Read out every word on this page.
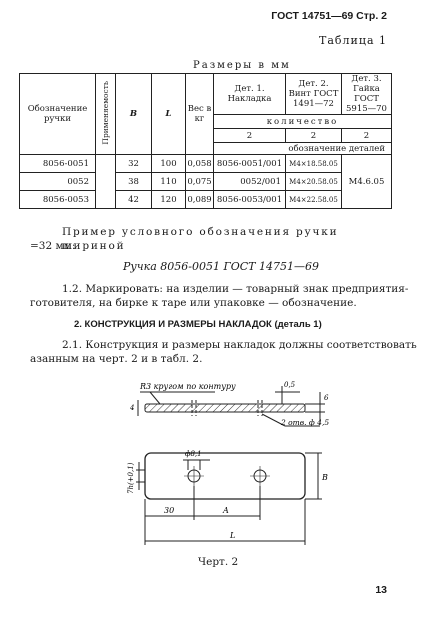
ГОСТ 14751—69 Стр. 2
Таблица 1
Размеры в мм
Обозначение ручки	Применяемость	B	L	Вес в кг	Дет. 1. Накладка	Дет. 2. Винт ГОСТ 1491—72	Дет. 3. Гайка ГОСТ 5915—70
					количество		
					2	2	2
					обозначение деталей		
8056-0051		32	100	0,058	8056-0051/001	М4×18.58.05	М4.6.05
0052		38	110	0,075	0052/001	М4×20.58.05	
8056-0053		42	120	0,089	8056-0053/001	М4×22.58.05	
Пример условного обозначения ручки шириной
=32 мм:
Ручка 8056-0051 ГОСТ 14751—69
1.2. Маркировать: на изделии — товарный знак предприятия-
готовителя, на бирке к таре или упаковке — обозначение.
2. КОНСТРУКЦИЯ И РАЗМЕРЫ НАКЛАДОК (деталь 1)
2.1. Конструкция и размеры накладок должны соответствовать
азанным на черт. 2 и в табл. 2.
R3 кругом по контуру
2 отв. ф 4,5
0,5
6
4
ф8,1
B
7h(+0,1)
30	A
L
Черт. 2
13
